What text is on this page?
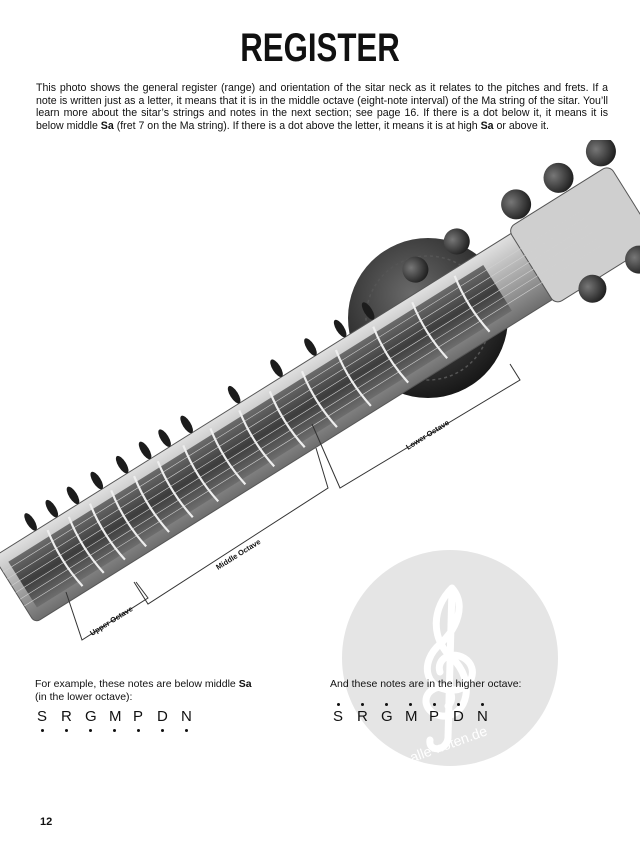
REGISTER

This photo shows the general register (range) and orientation of the sitar neck as it relates to the pitches and frets. If a note is written just as a letter, it means that it is in the middle octave (eight-note interval) of the Ma string of the sitar. You’ll learn more about the sitar’s strings and notes in the next section; see page 16. If there is a dot below it, it means it is below middle Sa (fret 7 on the Ma string). If there is a dot above the letter, it means it is at high Sa or above it.

Upper Octave
Middle Octave
Lower Octave
alle-noten.de
For example, these notes are below middle Sa
(in the lower octave):
S R G M P D N
And these notes are in the higher octave:
S R G M P D N
12
